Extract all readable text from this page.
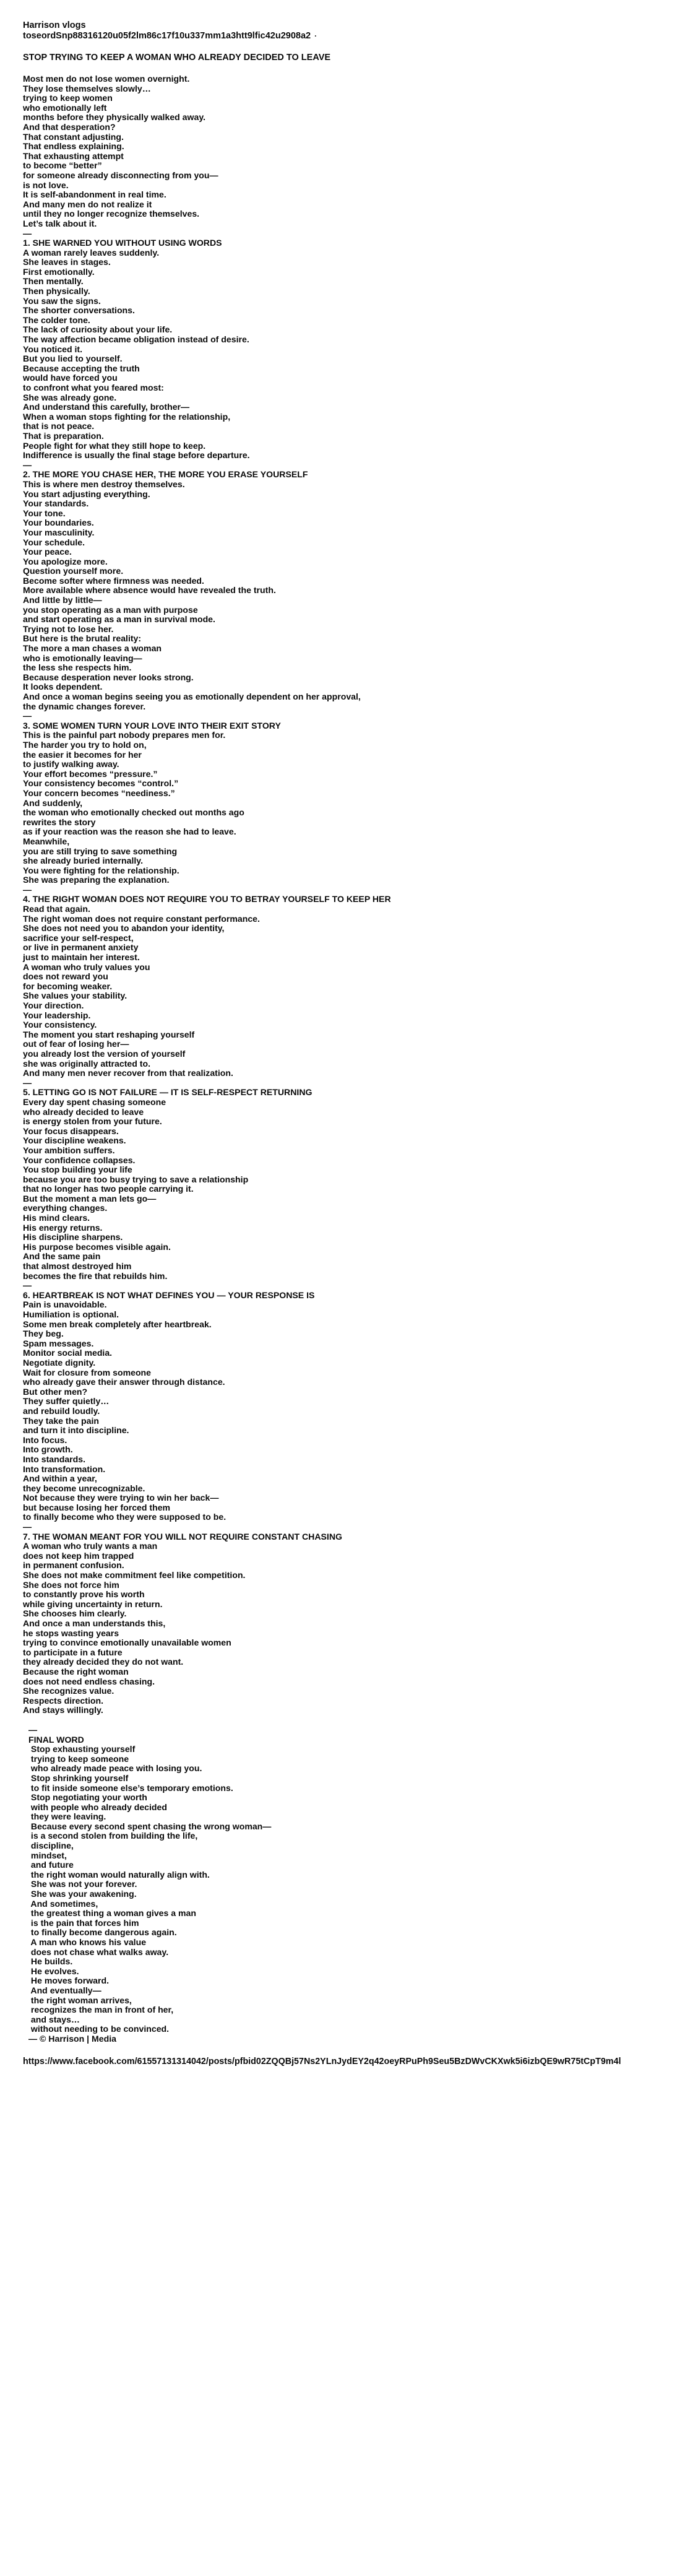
Harrison vlogs
toseordSnp88316120u05f2lm86c17f10u337mm1a3htt9lfic42u2908a2 ·
STOP TRYING TO KEEP A WOMAN WHO ALREADY DECIDED TO LEAVE
Most men do not lose women overnight.
They lose themselves slowly…
trying to keep women
who emotionally left
months before they physically walked away.
And that desperation?
That constant adjusting.
That endless explaining.
That exhausting attempt
to become “better”
for someone already disconnecting from you—
is not love.
It is self-abandonment in real time.
And many men do not realize it
until they no longer recognize themselves.
Let’s talk about it.
—
1. SHE WARNED YOU WITHOUT USING WORDS
A woman rarely leaves suddenly.
She leaves in stages.
First emotionally.
Then mentally.
Then physically.
You saw the signs.
The shorter conversations.
The colder tone.
The lack of curiosity about your life.
The way affection became obligation instead of desire.
You noticed it.
But you lied to yourself.
Because accepting the truth
would have forced you
to confront what you feared most:
She was already gone.
And understand this carefully, brother—
When a woman stops fighting for the relationship,
that is not peace.
That is preparation.
People fight for what they still hope to keep.
Indifference is usually the final stage before departure.
—
2. THE MORE YOU CHASE HER, THE MORE YOU ERASE YOURSELF
This is where men destroy themselves.
You start adjusting everything.
Your standards.
Your tone.
Your boundaries.
Your masculinity.
Your schedule.
Your peace.
You apologize more.
Question yourself more.
Become softer where firmness was needed.
More available where absence would have revealed the truth.
And little by little—
you stop operating as a man with purpose
and start operating as a man in survival mode.
Trying not to lose her.
But here is the brutal reality:
The more a man chases a woman
who is emotionally leaving—
the less she respects him.
Because desperation never looks strong.
It looks dependent.
And once a woman begins seeing you as emotionally dependent on her approval,
the dynamic changes forever.
—
3. SOME WOMEN TURN YOUR LOVE INTO THEIR EXIT STORY
This is the painful part nobody prepares men for.
The harder you try to hold on,
the easier it becomes for her
to justify walking away.
Your effort becomes “pressure.”
Your consistency becomes “control.”
Your concern becomes “neediness.”
And suddenly,
the woman who emotionally checked out months ago
rewrites the story
as if your reaction was the reason she had to leave.
Meanwhile,
you are still trying to save something
she already buried internally.
You were fighting for the relationship.
She was preparing the explanation.
—
4. THE RIGHT WOMAN DOES NOT REQUIRE YOU TO BETRAY YOURSELF TO KEEP HER
Read that again.
The right woman does not require constant performance.
She does not need you to abandon your identity,
sacrifice your self-respect,
or live in permanent anxiety
just to maintain her interest.
A woman who truly values you
does not reward you
for becoming weaker.
She values your stability.
Your direction.
Your leadership.
Your consistency.
The moment you start reshaping yourself
out of fear of losing her—
you already lost the version of yourself
she was originally attracted to.
And many men never recover from that realization.
—
5. LETTING GO IS NOT FAILURE — IT IS SELF-RESPECT RETURNING
Every day spent chasing someone
who already decided to leave
is energy stolen from your future.
Your focus disappears.
Your discipline weakens.
Your ambition suffers.
Your confidence collapses.
You stop building your life
because you are too busy trying to save a relationship
that no longer has two people carrying it.
But the moment a man lets go—
everything changes.
His mind clears.
His energy returns.
His discipline sharpens.
His purpose becomes visible again.
And the same pain
that almost destroyed him
becomes the fire that rebuilds him.
—
6. HEARTBREAK IS NOT WHAT DEFINES YOU — YOUR RESPONSE IS
Pain is unavoidable.
Humiliation is optional.
Some men break completely after heartbreak.
They beg.
Spam messages.
Monitor social media.
Negotiate dignity.
Wait for closure from someone
who already gave their answer through distance.
But other men?
They suffer quietly…
and rebuild loudly.
They take the pain
and turn it into discipline.
Into focus.
Into growth.
Into standards.
Into transformation.
And within a year,
they become unrecognizable.
Not because they were trying to win her back—
but because losing her forced them
to finally become who they were supposed to be.
—
7. THE WOMAN MEANT FOR YOU WILL NOT REQUIRE CONSTANT CHASING
A woman who truly wants a man
does not keep him trapped
in permanent confusion.
She does not make commitment feel like competition.
She does not force him
to constantly prove his worth
while giving uncertainty in return.
She chooses him clearly.
And once a man understands this,
he stops wasting years
trying to convince emotionally unavailable women
to participate in a future
they already decided they do not want.
Because the right woman
does not need endless chasing.
She recognizes value.
Respects direction.
And stays willingly.
—
FINAL WORD
Stop exhausting yourself
trying to keep someone
who already made peace with losing you.
Stop shrinking yourself
to fit inside someone else’s temporary emotions.
Stop negotiating your worth
with people who already decided
they were leaving.
Because every second spent chasing the wrong woman—
is a second stolen from building the life,
discipline,
mindset,
and future
the right woman would naturally align with.
She was not your forever.
She was your awakening.
And sometimes,
the greatest thing a woman gives a man
is the pain that forces him
to finally become dangerous again.
A man who knows his value
does not chase what walks away.
He builds.
He evolves.
He moves forward.
And eventually—
the right woman arrives,
recognizes the man in front of her,
and stays…
without needing to be convinced.
— © Harrison | Media
https://www.facebook.com/61557131314042/posts/pfbid02ZQQBj57Ns2YLnJydEY2q42oeyRPuPh9Seu5BzDWvCKXwk5i6izbQE9wR75tCpT9m4l
